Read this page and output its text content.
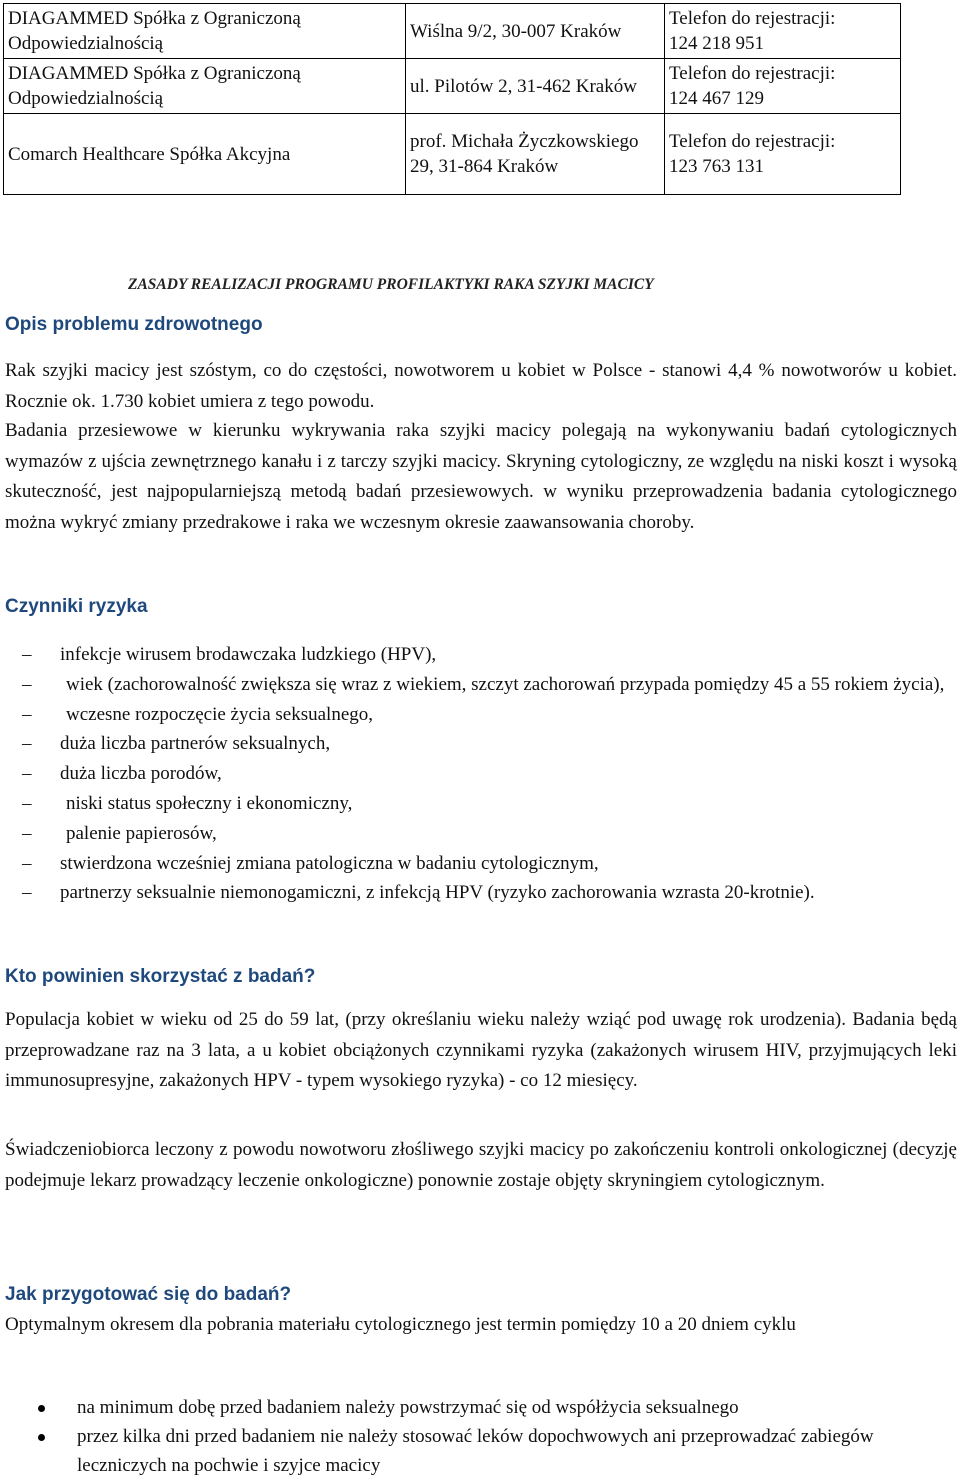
DIAGAMMED Spółka z Ograniczoną Odpowiedzialnością	Wiślna 9/2, 30-007 Kraków	Telefon do rejestracji:
124 218 951

DIAGAMMED Spółka z Ograniczoną Odpowiedzialnością	ul. Pilotów 2, 31-462 Kraków	Telefon do rejestracji:
124 467 129

Comarch Healthcare Spółka Akcyjna	prof. Michała Życzkowskiego 29, 31-864 Kraków	Telefon do rejestracji:
123 763 131
ZASADY REALIZACJI PROGRAMU PROFILAKTYKI RAKA SZYJKI MACICY
Opis problemu zdrowotnego

Rak szyjki macicy jest szóstym, co do częstości, nowotworem u kobiet w Polsce - stanowi 4,4 % nowotworów u kobiet. Rocznie ok. 1.730 kobiet umiera z tego powodu.

Badania przesiewowe w kierunku wykrywania raka szyjki macicy polegają na wykonywaniu badań cytologicznych wymazów z ujścia zewnętrznego kanału i z tarczy szyjki macicy. Skryning cytologiczny, ze względu na niski koszt i wysoką skuteczność, jest najpopularniejszą metodą badań przesiewowych. w wyniku przeprowadzenia badania cytologicznego można wykryć zmiany przedrakowe i raka we wczesnym okresie zaawansowania choroby.

Czynniki ryzyka
–	infekcje wirusem brodawczaka ludzkiego (HPV),
–	wiek (zachorowalność zwiększa się wraz z wiekiem, szczyt zachorowań przypada pomiędzy 45 a 55 rokiem życia),
–	wczesne rozpoczęcie życia seksualnego,
–	duża liczba partnerów seksualnych,
–	duża liczba porodów,
–	niski status społeczny i ekonomiczny,
–	palenie papierosów,
–	stwierdzona wcześniej zmiana patologiczna w badaniu cytologicznym,
–	partnerzy seksualnie niemonogamiczni, z infekcją HPV (ryzyko zachorowania wzrasta 20-krotnie).
Kto powinien skorzystać z badań?

Populacja kobiet w wieku od 25 do 59 lat, (przy określaniu wieku należy wziąć pod uwagę rok urodzenia). Badania będą przeprowadzane raz na 3 lata, a u kobiet obciążonych czynnikami ryzyka (zakażonych wirusem HIV, przyjmujących leki immunosupresyjne, zakażonych HPV - typem wysokiego ryzyka) - co 12 miesięcy.

Świadczeniobiorca leczony z powodu nowotworu złośliwego szyjki macicy po zakończeniu kontroli onkologicznej (decyzję podejmuje lekarz prowadzący leczenie onkologiczne) ponownie zostaje objęty skryningiem cytologicznym.

Jak przygotować się do badań?

Optymalnym okresem dla pobrania materiału cytologicznego jest termin pomiędzy 10 a 20 dniem cyklu

na minimum dobę przed badaniem należy powstrzymać się od współżycia seksualnego
przez kilka dni przed badaniem nie należy stosować leków dopochwowych ani przeprowadzać zabiegów leczniczych na pochwie i szyjce macicy
